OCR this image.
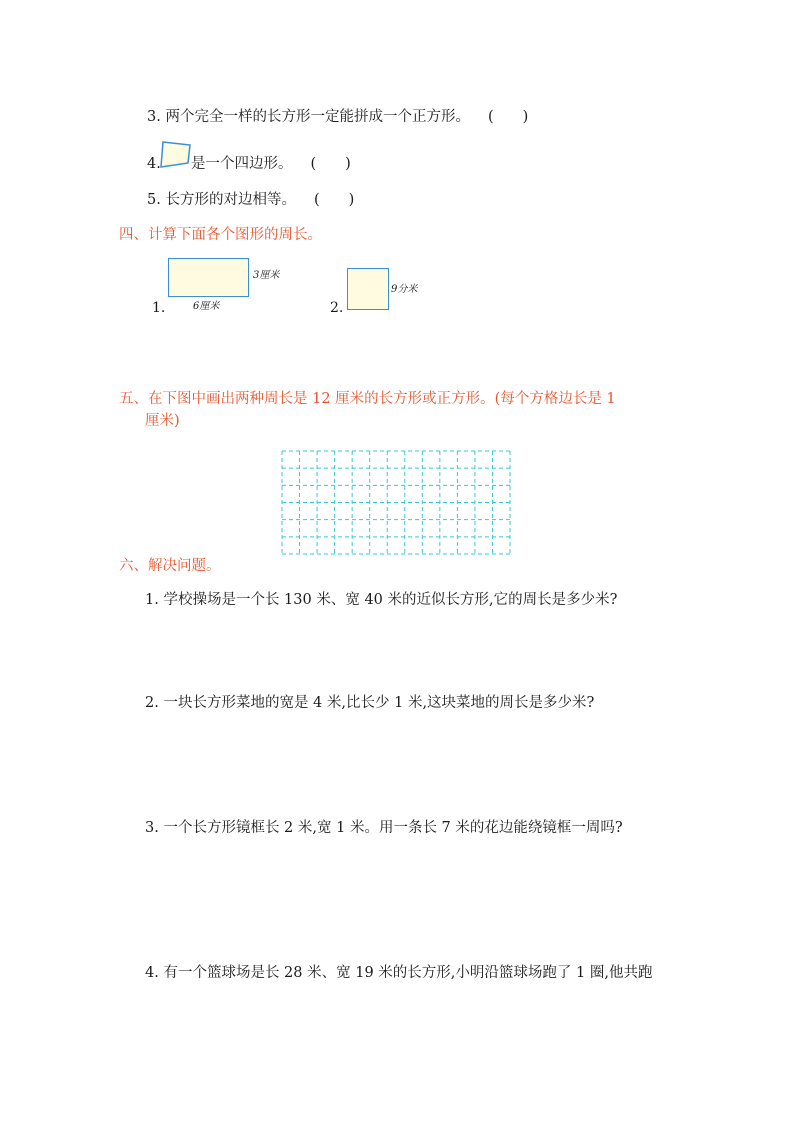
3. 两个完全一样的长方形一定能拼成一个正方形。 (　　)
4. 是一个四边形。 (　　)
5. 长方形的对边相等。 (　　)
四、计算下面各个图形的周长。
3厘米
1.	6厘米
9分米
2.
五、在下图中画出两种周长是 12 厘米的长方形或正方形。(每个方格边长是 1
厘米)
六、解决问题。
1. 学校操场是一个长 130 米、宽 40 米的近似长方形,它的周长是多少米?
2. 一块长方形菜地的宽是 4 米,比长少 1 米,这块菜地的周长是多少米?
3. 一个长方形镜框长 2 米,宽 1 米。用一条长 7 米的花边能绕镜框一周吗?
4. 有一个篮球场是长 28 米、宽 19 米的长方形,小明沿篮球场跑了 1 圈,他共跑
